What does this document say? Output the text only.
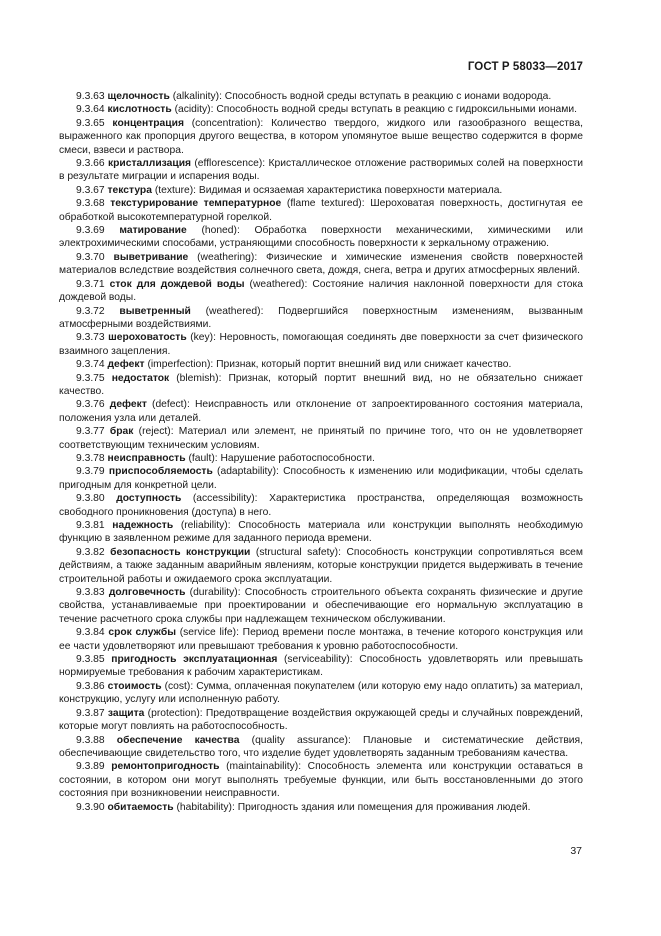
ГОСТ Р 58033—2017

9.3.63 щелочность (alkalinity): Способность водной среды вступать в реакцию с ионами водорода.

9.3.64 кислотность (acidity): Способность водной среды вступать в реакцию с гидроксильными ионами.

9.3.65 концентрация (concentration): Количество твердого, жидкого или газообразного вещества, выраженного как пропорция другого вещества, в котором упомянутое выше вещество содержится в форме смеси, взвеси и раствора.

9.3.66 кристаллизация (efflorescence): Кристаллическое отложение растворимых солей на поверхности в результате миграции и испарения воды.

9.3.67 текстура (texture): Видимая и осязаемая характеристика поверхности материала.

9.3.68 текстурирование температурное (flame textured): Шероховатая поверхность, достигнутая ее обработкой высокотемпературной горелкой.

9.3.69 матирование (honed): Обработка поверхности механическими, химическими или электрохимическими способами, устраняющими способность поверхности к зеркальному отражению.

9.3.70 выветривание (weathering): Физические и химические изменения свойств поверхностей материалов вследствие воздействия солнечного света, дождя, снега, ветра и других атмосферных явлений.

9.3.71 сток для дождевой воды (weathered): Состояние наличия наклонной поверхности для стока дождевой воды.

9.3.72 выветренный (weathered): Подвергшийся поверхностным изменениям, вызванным атмосферными воздействиями.

9.3.73 шероховатость (key): Неровность, помогающая соединять две поверхности за счет физического взаимного зацепления.

9.3.74 дефект (imperfection): Признак, который портит внешний вид или снижает качество.

9.3.75 недостаток (blemish): Признак, который портит внешний вид, но не обязательно снижает качество.

9.3.76 дефект (defect): Неисправность или отклонение от запроектированного состояния материала, положения узла или деталей.

9.3.77 брак (reject): Материал или элемент, не принятый по причине того, что он не удовлетворяет соответствующим техническим условиям.

9.3.78 неисправность (fault): Нарушение работоспособности.

9.3.79 приспособляемость (adaptability): Способность к изменению или модификации, чтобы сделать пригодным для конкретной цели.

9.3.80 доступность (accessibility): Характеристика пространства, определяющая возможность свободного проникновения (доступа) в него.

9.3.81 надежность (reliability): Способность материала или конструкции выполнять необходимую функцию в заявленном режиме для заданного периода времени.

9.3.82 безопасность конструкции (structural safety): Способность конструкции сопротивляться всем действиям, а также заданным аварийным явлениям, которые конструкции придется выдерживать в течение строительной работы и ожидаемого срока эксплуатации.

9.3.83 долговечность (durability): Способность строительного объекта сохранять физические и другие свойства, устанавливаемые при проектировании и обеспечивающие его нормальную эксплуатацию в течение расчетного срока службы при надлежащем техническом обслуживании.

9.3.84 срок службы (service life): Период времени после монтажа, в течение которого конструкция или ее части удовлетворяют или превышают требования к уровню работоспособности.

9.3.85 пригодность эксплуатационная (serviceability): Способность удовлетворять или превышать нормируемые требования к рабочим характеристикам.

9.3.86 стоимость (cost): Сумма, оплаченная покупателем (или которую ему надо оплатить) за материал, конструкцию, услугу или исполненную работу.

9.3.87 защита (protection): Предотвращение воздействия окружающей среды и случайных повреждений, которые могут повлиять на работоспособность.

9.3.88 обеспечение качества (quality assurance): Плановые и систематические действия, обеспечивающие свидетельство того, что изделие будет удовлетворять заданным требованиям качества.

9.3.89 ремонтопригодность (maintainability): Способность элемента или конструкции оставаться в состоянии, в котором они могут выполнять требуемые функции, или быть восстановленными до этого состояния при возникновении неисправности.

9.3.90 обитаемость (habitability): Пригодность здания или помещения для проживания людей.

37
